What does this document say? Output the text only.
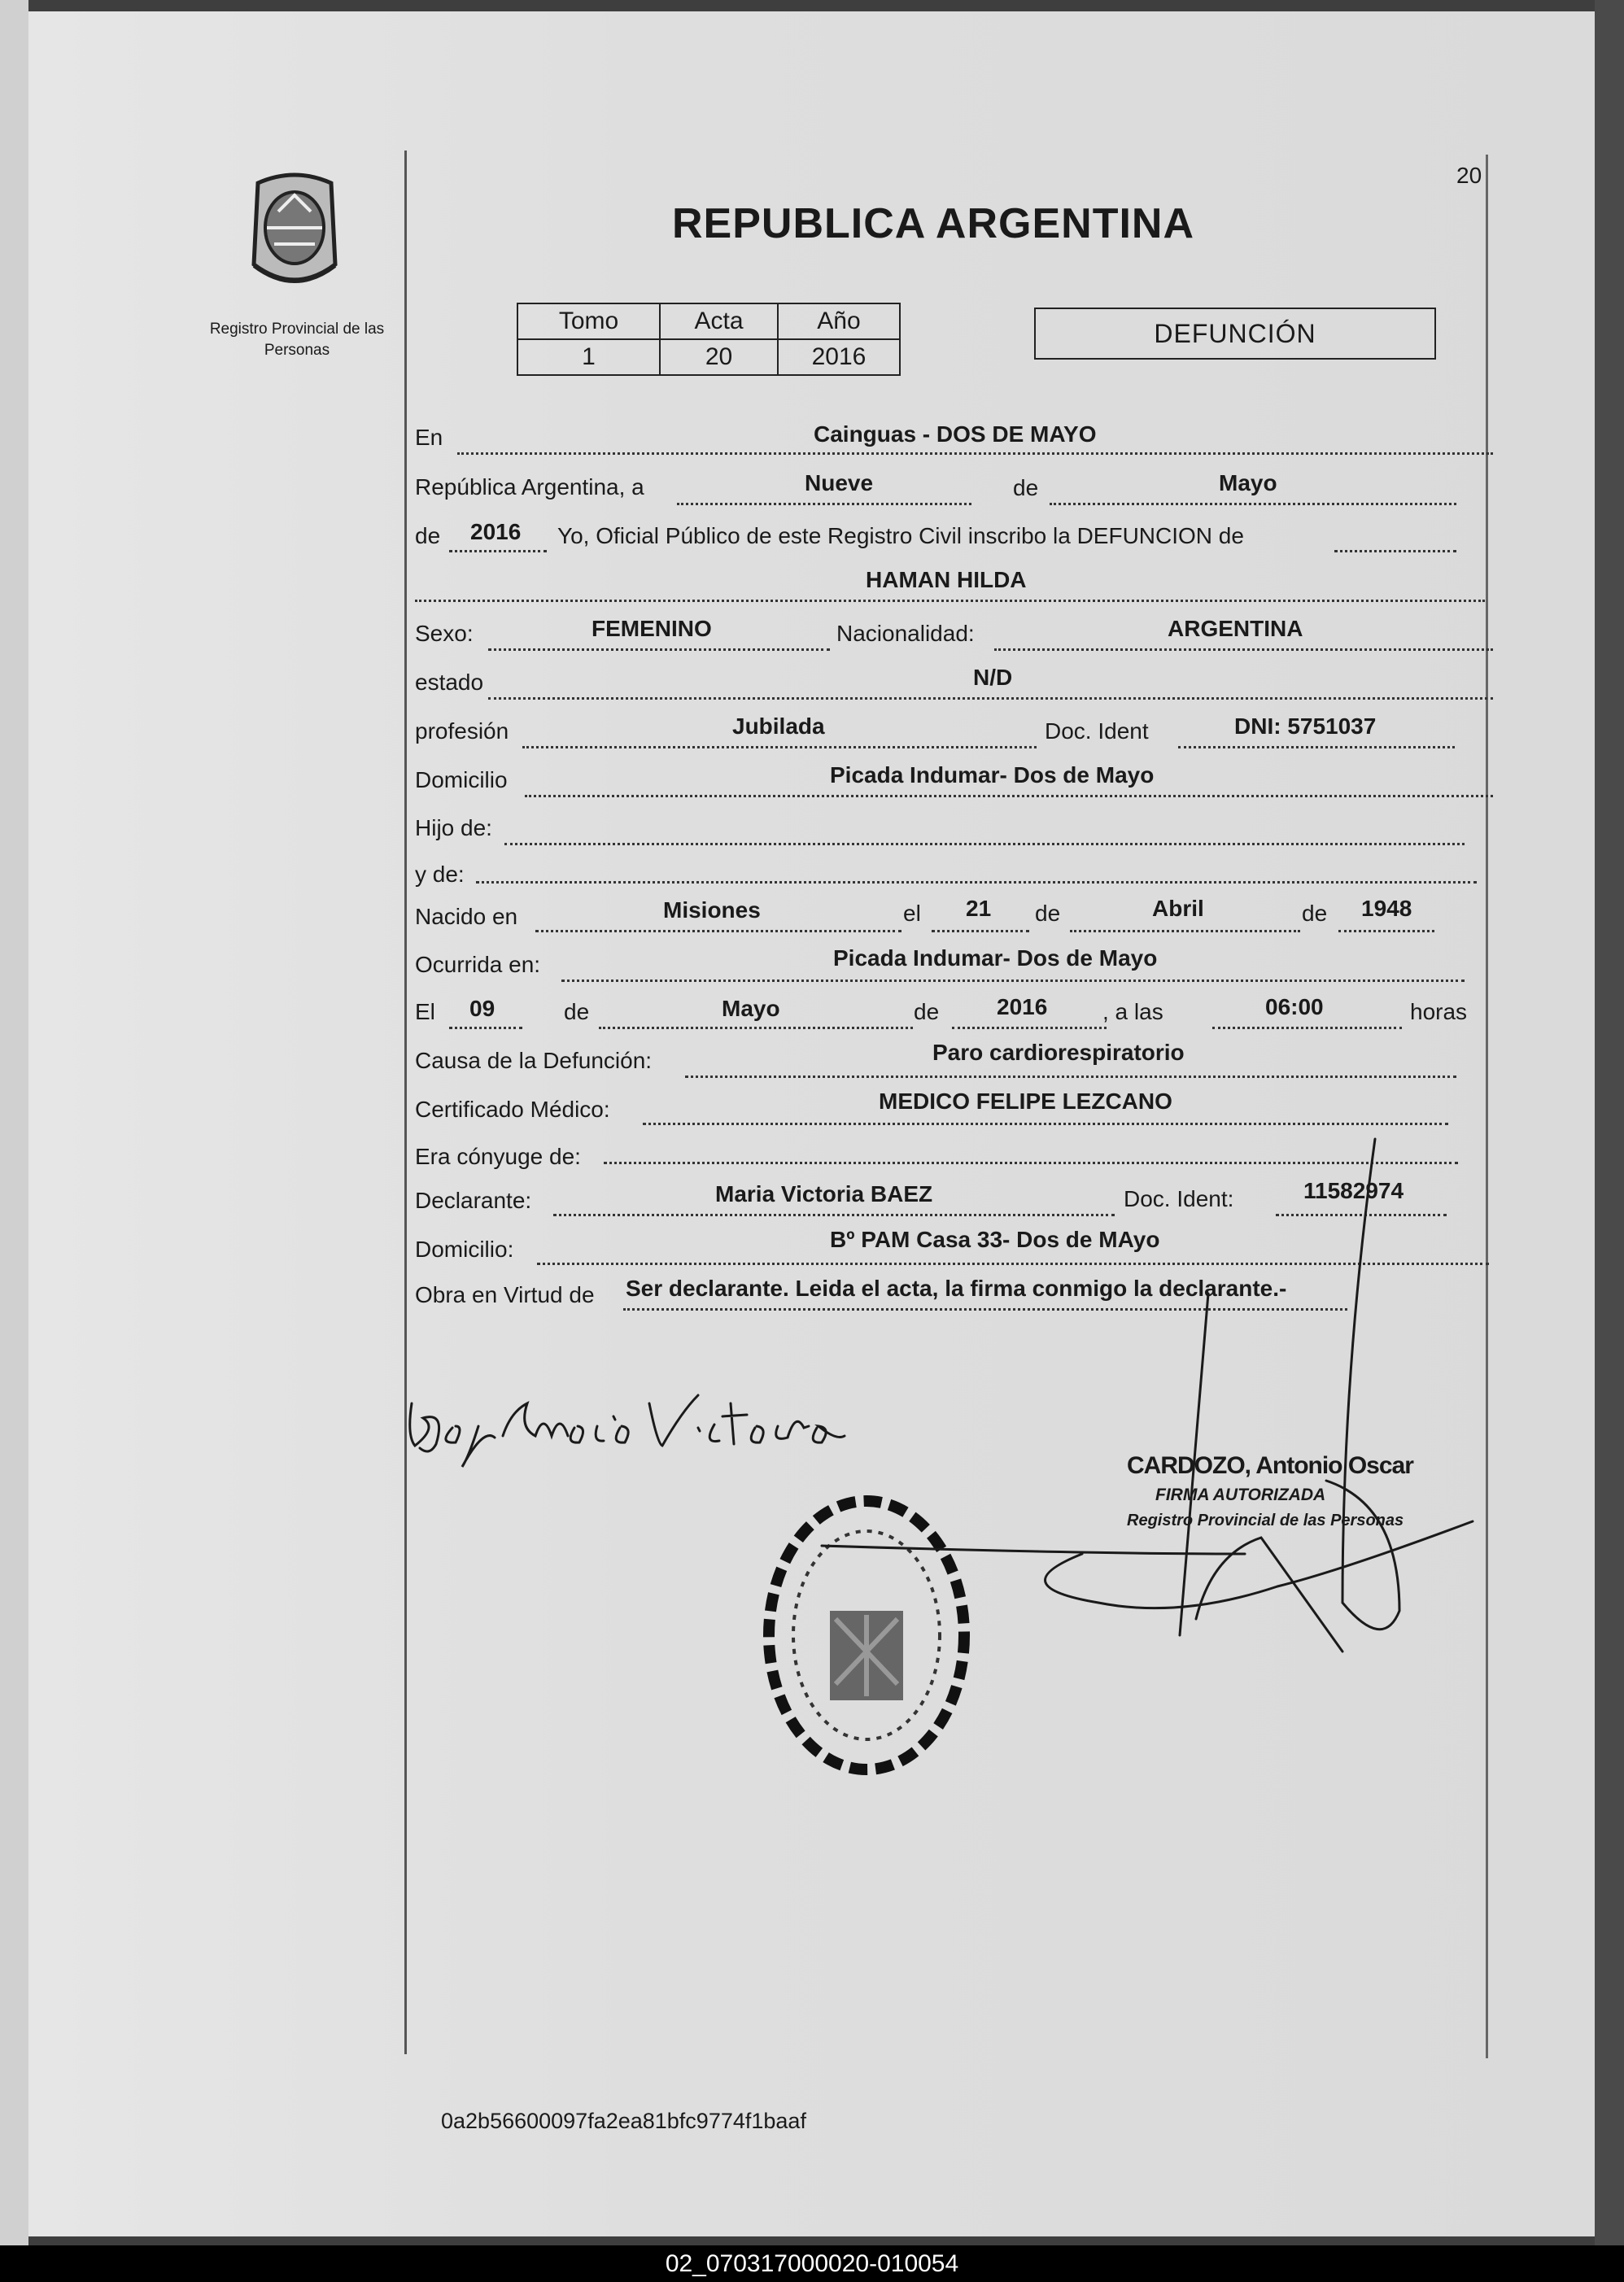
20
REPUBLICA ARGENTINA
Registro Provincial de las Personas
Tomo	Acta	Año
1	20	2016
DEFUNCIÓN
En	Cainguas - DOS DE MAYO
República Argentina, a	Nueve	de	Mayo
de 2016 Yo, Oficial Público de este Registro Civil inscribo la DEFUNCION de
HAMAN HILDA
Sexo:	FEMENINO	Nacionalidad:	ARGENTINA
estado	N/D
profesión	Jubilada	Doc. Ident	DNI: 5751037
Domicilio	Picada Indumar- Dos de Mayo
Hijo de:
y de:
Nacido en	Misiones	el 21 de	Abril	de 1948
Ocurrida en:	Picada Indumar- Dos de Mayo
El 09	de	Mayo	de	2016 , a las	06:00	horas
Causa de la Defunción:	Paro cardiorespiratorio
Certificado Médico:	MEDICO FELIPE LEZCANO
Era cónyuge de:
Declarante:	Maria Victoria BAEZ	Doc. Ident:	11582974
Domicilio:	Bº PAM Casa 33- Dos de MAyo
Obra en Virtud de Ser declarante. Leida el acta, la firma conmigo la declarante.-
CARDOZO, Antonio Oscar
FIRMA AUTORIZADA
Registro Provincial de las Personas
0a2b56600097fa2ea81bfc9774f1baaf
02_070317000020-010054
